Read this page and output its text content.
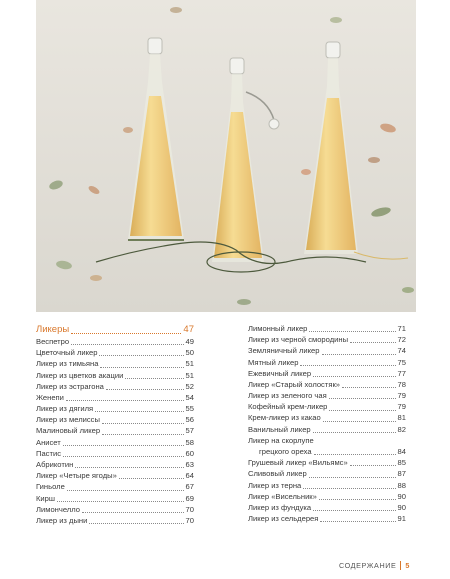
Ликеры	47
Веспетро	49
Цветочный ликер	50
Ликер из тимьяна	51
Ликер из цветков акации	51
Ликер из эстрагона	52
Женепи	54
Ликер из дягиля	55
Ликер из мелиссы	56
Малиновый ликер	57
Анисет	58
Пастис	60
Абрикотин	63
Ликер «Четыре ягоды»	64
Гиньоле	67
Кирш	69
Лимончелло	70
Ликер из дыни	70
Лимонный ликер	71
Ликер из черной смородины	72
Земляничный ликер	74
Мятный ликер	75
Ежевичный ликер	77
Ликер «Старый холостяк»	78
Ликер из зеленого чая	79
Кофейный крем-ликер	79
Крем-ликер из какао	81
Ванильный ликер	82
Ликер на скорлупе
грецкого ореха	84
Грушевый ликер «Вильямс»	85
Сливовый ликер	87
Ликер из терна	88
Ликер «Висельник»	90
Ликер из фундука	90
Ликер из сельдерея	91
СОДЕРЖАНИЕ 5
